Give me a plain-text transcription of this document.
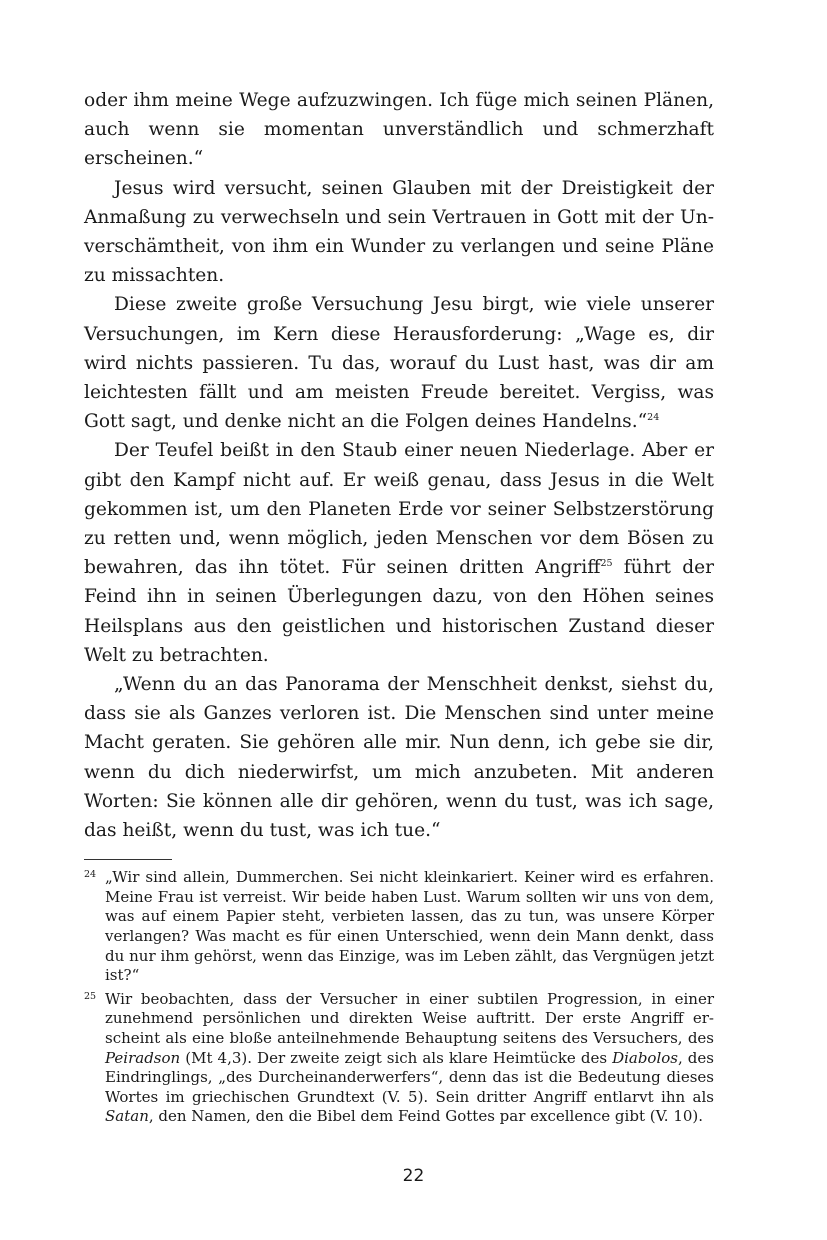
oder ihm meine Wege aufzuzwingen. Ich füge mich seinen Plänen, auch wenn sie momentan unverständlich und schmerzhaft erscheinen.“

Jesus wird versucht, seinen Glauben mit der Dreistigkeit der Anmaßung zu verwechseln und sein Vertrauen in Gott mit der Unverschämtheit, von ihm ein Wunder zu verlangen und seine Pläne zu missachten.

Diese zweite große Versuchung Jesu birgt, wie viele unserer Versuchungen, im Kern diese Herausforderung: „Wage es, dir wird nichts passieren. Tu das, worauf du Lust hast, was dir am leichtesten fällt und am meisten Freude bereitet. Vergiss, was Gott sagt, und denke nicht an die Folgen deines Handelns.“$^{24}$

Der Teufel beißt in den Staub einer neuen Niederlage. Aber er gibt den Kampf nicht auf. Er weiß genau, dass Jesus in die Welt gekommen ist, um den Planeten Erde vor seiner Selbstzerstörung zu retten und, wenn möglich, jeden Menschen vor dem Bösen zu bewahren, das ihn tötet. Für seinen dritten Angriff$^{25}$ führt der Feind ihn in seinen Überlegungen dazu, von den Höhen seines Heilsplans aus den geistlichen und historischen Zustand dieser Welt zu betrachten.

„Wenn du an das Panorama der Menschheit denkst, siehst du, dass sie als Ganzes verloren ist. Die Menschen sind unter meine Macht geraten. Sie gehören alle mir. Nun denn, ich gebe sie dir, wenn du dich niederwirfst, um mich anzubeten. Mit anderen Worten: Sie können alle dir gehören, wenn du tust, was ich sage, das heißt, wenn du tust, was ich tue.“

24 „Wir sind allein, Dummerchen. Sei nicht kleinkariert. Keiner wird es erfahren. Meine Frau ist verreist. Wir beide haben Lust. Warum sollten wir uns von dem, was auf einem Papier steht, verbieten lassen, das zu tun, was unsere Körper verlangen? Was macht es für einen Unterschied, wenn dein Mann denkt, dass du nur ihm gehörst, wenn das Einzige, was im Leben zählt, das Vergnügen jetzt ist?“
25 Wir beobachten, dass der Versucher in einer subtilen Progression, in einer zunehmend persönlichen und direkten Weise auftritt. Der erste Angriff erscheint als eine bloße anteilnehmende Behauptung seitens des Versuchers, des Peiradson (Mt 4,3). Der zweite zeigt sich als klare Heimtücke des Diabolos, des Eindringlings, „des Durcheinanderwerfers“, denn das ist die Bedeutung dieses Wortes im griechischen Grundtext (V. 5). Sein dritter Angriff entlarvt ihn als Satan, den Namen, den die Bibel dem Feind Gottes par excellence gibt (V. 10).
22
